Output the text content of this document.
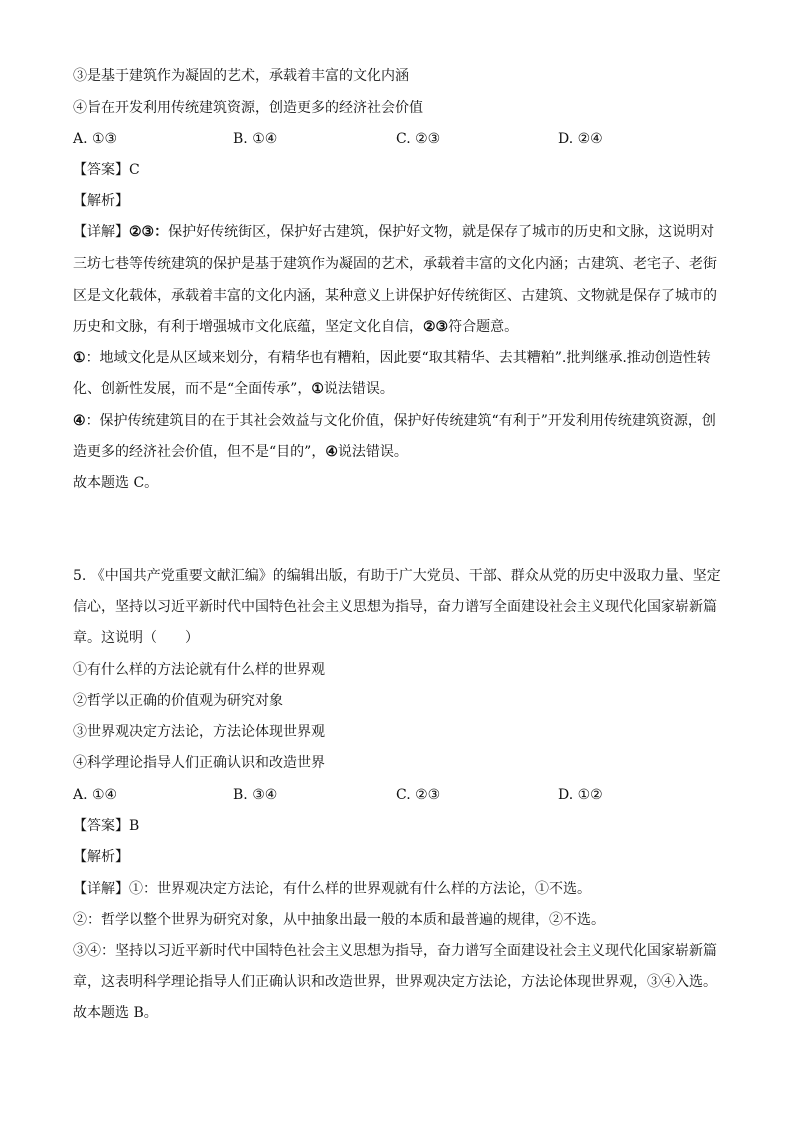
③是基于建筑作为凝固的艺术，承载着丰富的文化内涵
④旨在开发利用传统建筑资源，创造更多的经济社会价值
A. ①③	B. ①④	C. ②③	D. ②④
【答案】C
【解析】
【详解】②③：保护好传统街区，保护好古建筑，保护好文物，就是保存了城市的历史和文脉，这说明对
三坊七巷等传统建筑的保护是基于建筑作为凝固的艺术，承载着丰富的文化内涵；古建筑、老宅子、老街
区是文化载体，承载着丰富的文化内涵，某种意义上讲保护好传统街区、古建筑、文物就是保存了城市的
历史和文脉，有利于增强城市文化底蕴，坚定文化自信，②③符合题意。
①：地域文化是从区域来划分，有精华也有糟粕，因此要“取其精华、去其糟粕”.批判继承.推动创造性转
化、创新性发展，而不是“全面传承”，①说法错误。
④：保护传统建筑目的在于其社会效益与文化价值，保护好传统建筑“有利于”开发利用传统建筑资源，创
造更多的经济社会价值，但不是“目的”，④说法错误。
故本题选 C。
5. 《中国共产党重要文献汇编》的编辑出版，有助于广大党员、干部、群众从党的历史中汲取力量、坚定
信心，坚持以习近平新时代中国特色社会主义思想为指导，奋力谱写全面建设社会主义现代化国家崭新篇
章。这说明（　　）
①有什么样的方法论就有什么样的世界观
②哲学以正确的价值观为研究对象
③世界观决定方法论，方法论体现世界观
④科学理论指导人们正确认识和改造世界
A. ①④	B. ③④	C. ②③	D. ①②
【答案】B
【解析】
【详解】①：世界观决定方法论，有什么样的世界观就有什么样的方法论，①不选。
②：哲学以整个世界为研究对象，从中抽象出最一般的本质和最普遍的规律，②不选。
③④：坚持以习近平新时代中国特色社会主义思想为指导，奋力谱写全面建设社会主义现代化国家崭新篇
章，这表明科学理论指导人们正确认识和改造世界，世界观决定方法论，方法论体现世界观，③④入选。
故本题选 B。
